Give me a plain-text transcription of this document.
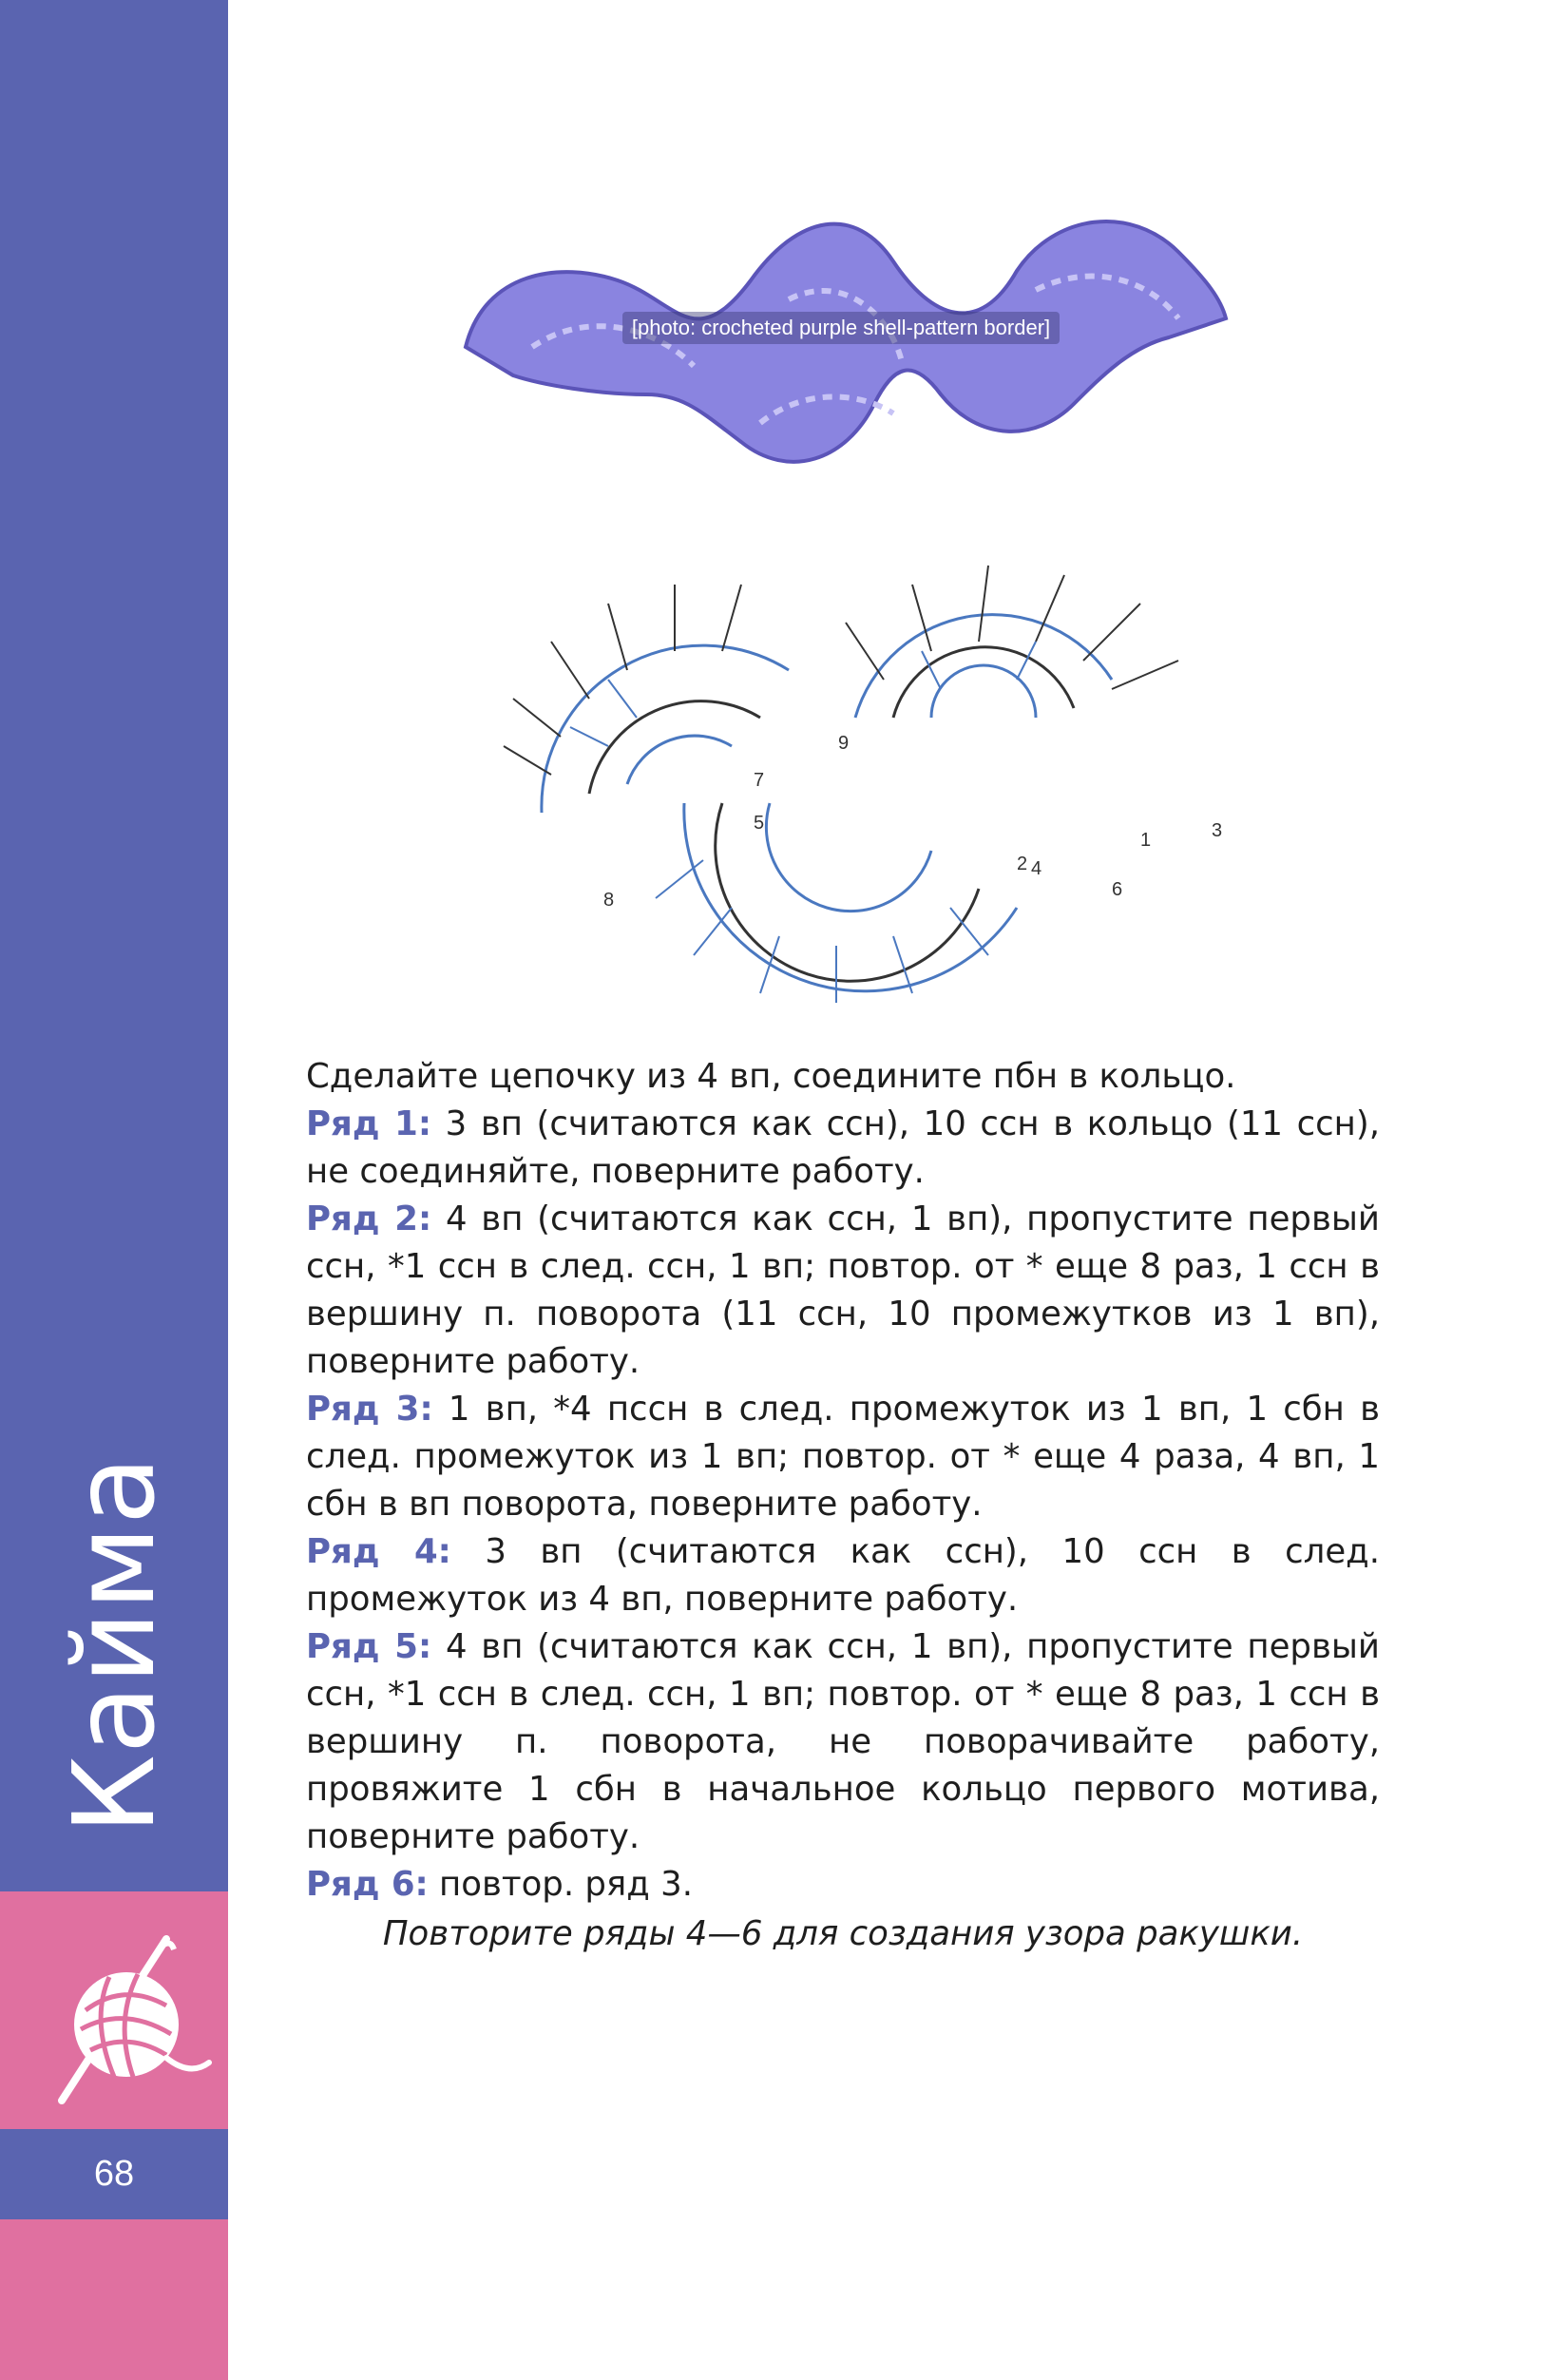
Кайма
68
[photo: crocheted purple shell-pattern border]
1
2
3
4
5
6
7
8
9

Сделайте цепочку из 4 вп, соедините пбн в кольцо.

Ряд 1: 3 вп (считаются как ссн), 10 ссн в кольцо (11 ссн), не соединяйте, поверните работу.

Ряд 2: 4 вп (считаются как ссн, 1 вп), пропустите первый ссн, *1 ссн в след. ссн, 1 вп; повтор. от * еще 8 раз, 1 ссн в вершину п. поворота (11 ссн, 10 промежутков из 1 вп), поверните работу.

Ряд 3: 1 вп, *4 пссн в след. промежуток из 1 вп, 1 сбн в след. промежуток из 1 вп; повтор. от * еще 4 раза, 4 вп, 1 сбн в вп поворота, поверните работу.

Ряд 4: 3 вп (считаются как ссн), 10 ссн в след. промежуток из 4 вп, поверните работу.

Ряд 5: 4 вп (считаются как ссн, 1 вп), пропустите первый ссн, *1 ссн в след. ссн, 1 вп; повтор. от * еще 8 раз, 1 ссн в вершину п. поворота, не поворачивайте работу, провяжите 1 сбн в начальное кольцо первого мотива, поверните работу.

Ряд 6: повтор. ряд 3.

Повторите ряды 4—6 для создания узора ракушки.
